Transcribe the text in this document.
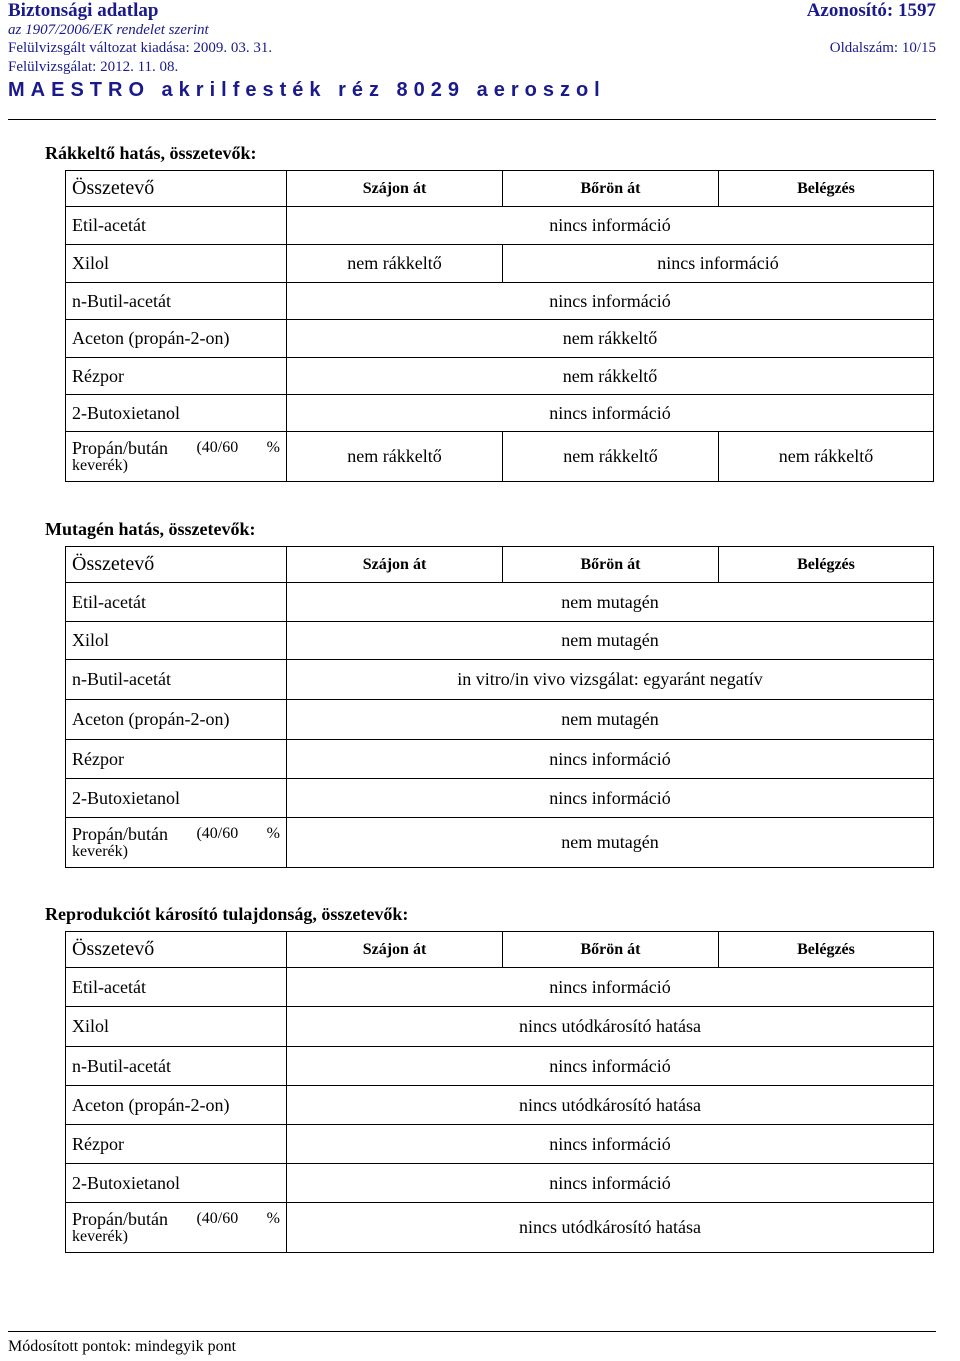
Biztonsági adatlap	Azonosító: 1597
az 1907/2006/EK rendelet szerint
Felülvizsgált változat kiadása: 2009. 03. 31.	Oldalszám: 10/15
Felülvizsgálat: 2012. 11. 08.
MAESTRO akrilfesték réz 8029 aeroszol
Rákkeltő hatás, összetevők:
Összetevő	Szájon át	Bőrön át	Belégzés
Etil-acetát	nincs információ		
Xilol	nem rákkeltő	nincs információ	
n-Butil-acetát	nincs információ		
Aceton (propán-2-on)	nem rákkeltő		
Rézpor	nem rákkeltő		
2-Butoxietanol	nincs információ		

Propán/bután (40/60 %
keverék)	nem rákkeltő	nem rákkeltő	nem rákkeltő
Mutagén hatás, összetevők:
Összetevő	Szájon át	Bőrön át	Belégzés
Etil-acetát	nem mutagén		
Xilol	nem mutagén		
n-Butil-acetát	in vitro/in vivo vizsgálat: egyaránt negatív		
Aceton (propán-2-on)	nem mutagén		
Rézpor	nincs információ		
2-Butoxietanol	nincs információ		

Propán/bután (40/60 %
keverék)	nem mutagén		
Reprodukciót károsító tulajdonság, összetevők:
Összetevő	Szájon át	Bőrön át	Belégzés
Etil-acetát	nincs információ		
Xilol	nincs utódkárosító hatása		
n-Butil-acetát	nincs információ		
Aceton (propán-2-on)	nincs utódkárosító hatása		
Rézpor	nincs információ		
2-Butoxietanol	nincs információ		

Propán/bután (40/60 %
keverék)	nincs utódkárosító hatása		
Módosított pontok: mindegyik pont
